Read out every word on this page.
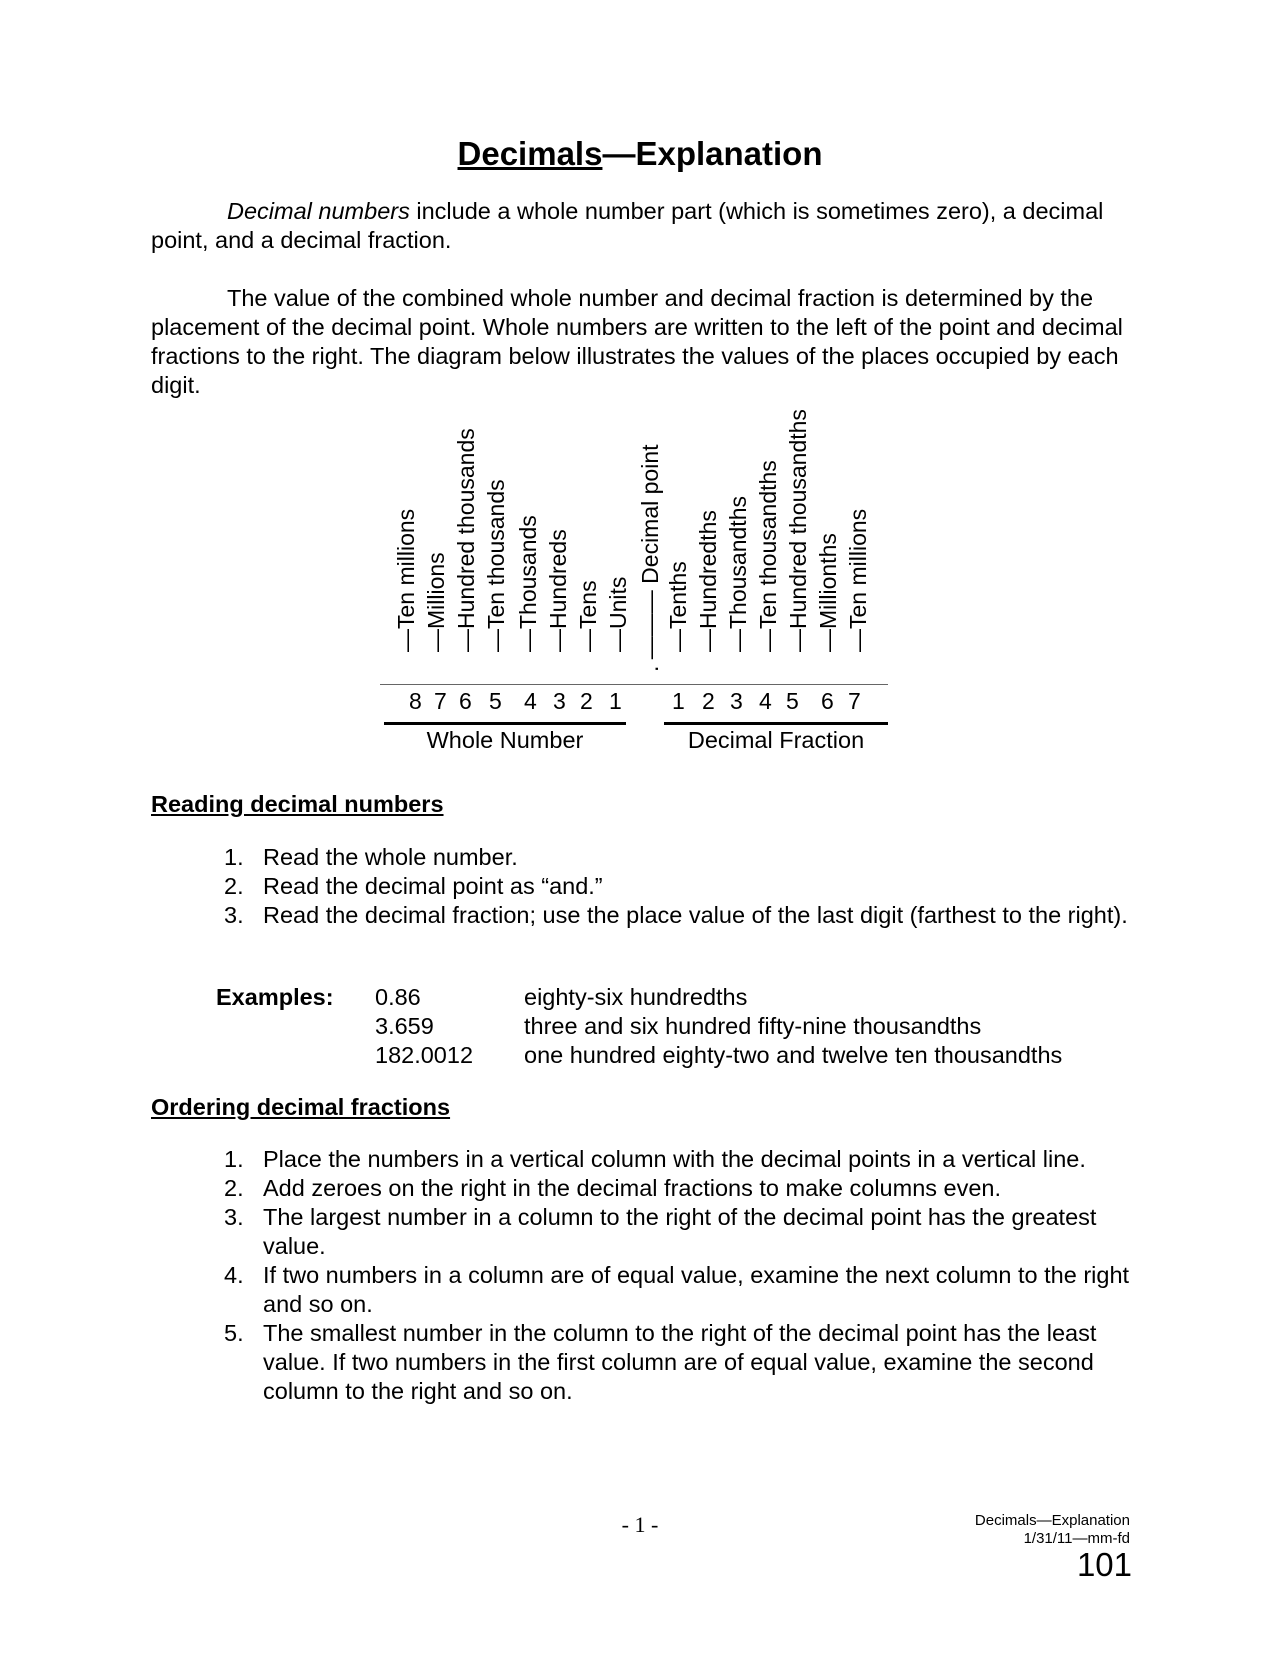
Decimals—Explanation
Decimal numbers include a whole number part (which is sometimes zero), a decimal point, and a decimal fraction.
The value of the combined whole number and decimal fraction is determined by the placement of the decimal point. Whole numbers are written to the left of the point and decimal fractions to the right. The diagram below illustrates the values of the places occupied by each digit.
—Ten millions —Millions —Hundred thousands —Ten thousands —Thousands —Hundreds —Tens —Units . ——— Decimal point —Tenths —Hundredths —Thousandths —Ten thousandths —Hundred thousandths —Millionths —Ten millions
8 7 6 5 4 3 2 1 1 2 3 4 5 6 7
Whole Number	Decimal Fraction
Reading decimal numbers
1. Read the whole number.
2. Read the decimal point as “and.”
3. Read the decimal fraction; use the place value of the last digit (farthest to the right).
Examples: 0.86	eighty-six hundredths
3.659	three and six hundred fifty-nine thousandths
182.0012 one hundred eighty-two and twelve ten thousandths
Ordering decimal fractions
1. Place the numbers in a vertical column with the decimal points in a vertical line.
2. Add zeroes on the right in the decimal fractions to make columns even.
3. The largest number in a column to the right of the decimal point has the greatest value.
4. If two numbers in a column are of equal value, examine the next column to the right and so on.
5. The smallest number in the column to the right of the decimal point has the least value. If two numbers in the first column are of equal value, examine the second column to the right and so on.
- 1 -	Decimals—Explanation
1/31/11—mm-fd
101
